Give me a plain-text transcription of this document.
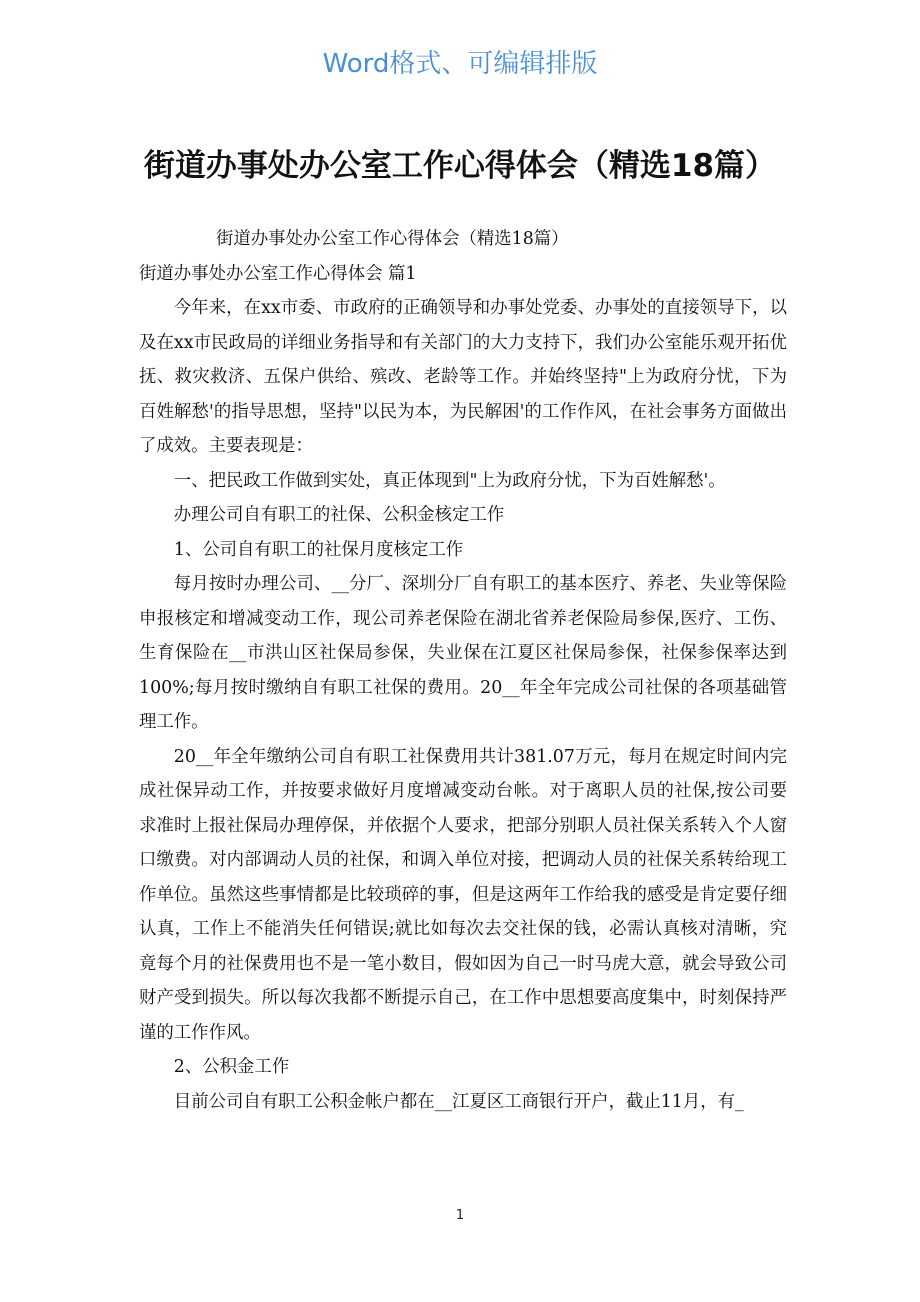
Word格式、可编辑排版
街道办事处办公室工作心得体会（精选18篇）

街道办事处办公室工作心得体会（精选18篇）

街道办事处办公室工作心得体会 篇1

今年来，在xx市委、市政府的正确领导和办事处党委、办事处的直接领导下，以及在xx市民政局的详细业务指导和有关部门的大力支持下，我们办公室能乐观开拓优抚、救灾救济、五保户供给、殡改、老龄等工作。并始终坚持"上为政府分忧，下为百姓解愁'的指导思想，坚持"以民为本，为民解困'的工作作风，在社会事务方面做出了成效。主要表现是：

一、把民政工作做到实处，真正体现到"上为政府分忧，下为百姓解愁'。

办理公司自有职工的社保、公积金核定工作

1、公司自有职工的社保月度核定工作

每月按时办理公司、__分厂、深圳分厂自有职工的基本医疗、养老、失业等保险申报核定和增减变动工作，现公司养老保险在湖北省养老保险局参保,医疗、工伤、生育保险在__市洪山区社保局参保，失业保在江夏区社保局参保，社保参保率达到100%;每月按时缴纳自有职工社保的费用。20__年全年完成公司社保的各项基础管理工作。

20__年全年缴纳公司自有职工社保费用共计381.07万元，每月在规定时间内完成社保异动工作，并按要求做好月度增减变动台帐。对于离职人员的社保,按公司要求准时上报社保局办理停保，并依据个人要求，把部分别职人员社保关系转入个人窗口缴费。对内部调动人员的社保，和调入单位对接，把调动人员的社保关系转给现工作单位。虽然这些事情都是比较琐碎的事，但是这两年工作给我的感受是肯定要仔细认真，工作上不能消失任何错误;就比如每次去交社保的钱，必需认真核对清晰，究竟每个月的社保费用也不是一笔小数目，假如因为自己一时马虎大意，就会导致公司财产受到损失。所以每次我都不断提示自己，在工作中思想要高度集中，时刻保持严谨的工作作风。

2、公积金工作

目前公司自有职工公积金帐户都在__江夏区工商银行开户，截止11月，有_

1
